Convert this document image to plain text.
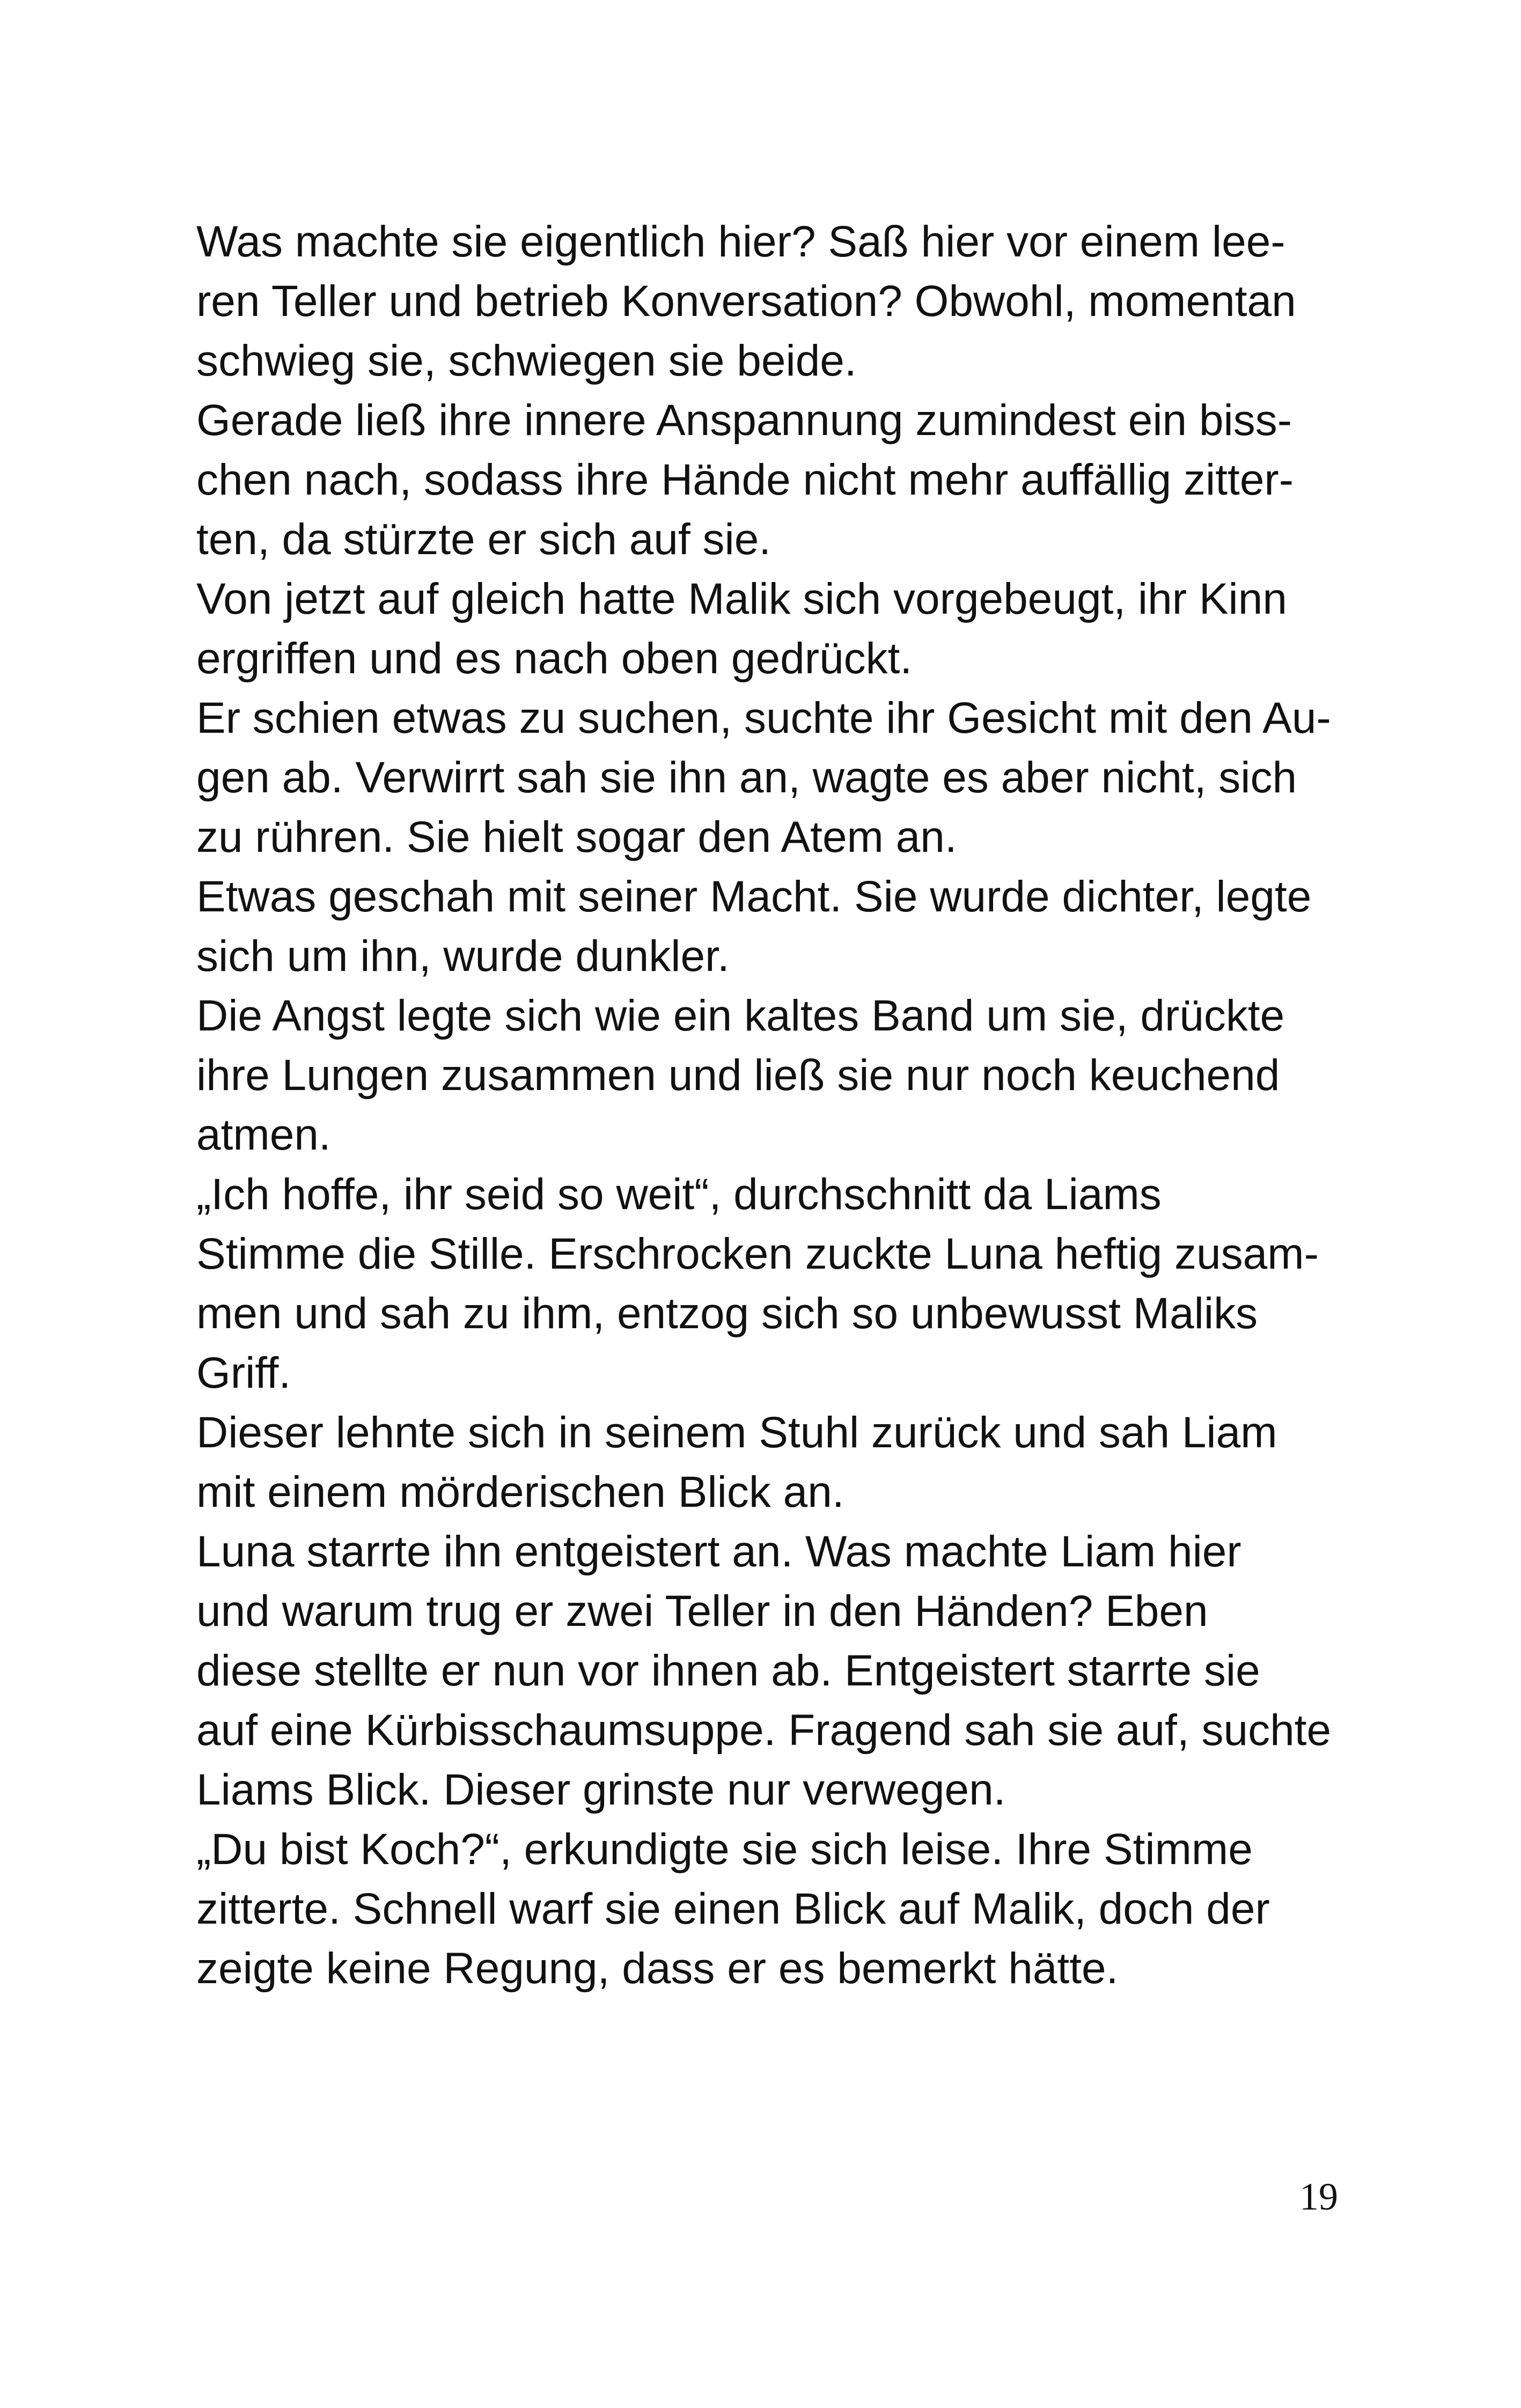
Was machte sie eigentlich hier? Saß hier vor einem lee-
ren Teller und betrieb Konversation? Obwohl, momentan
schwieg sie, schwiegen sie beide.
Gerade ließ ihre innere Anspannung zumindest ein biss-
chen nach, sodass ihre Hände nicht mehr auffällig zitter-
ten, da stürzte er sich auf sie.
Von jetzt auf gleich hatte Malik sich vorgebeugt, ihr Kinn
ergriffen und es nach oben gedrückt.
Er schien etwas zu suchen, suchte ihr Gesicht mit den Au-
gen ab. Verwirrt sah sie ihn an, wagte es aber nicht, sich
zu rühren. Sie hielt sogar den Atem an.
Etwas geschah mit seiner Macht. Sie wurde dichter, legte
sich um ihn, wurde dunkler.
Die Angst legte sich wie ein kaltes Band um sie, drückte
ihre Lungen zusammen und ließ sie nur noch keuchend
atmen.
„Ich hoffe, ihr seid so weit“, durchschnitt da Liams
Stimme die Stille. Erschrocken zuckte Luna heftig zusam-
men und sah zu ihm, entzog sich so unbewusst Maliks
Griff.
Dieser lehnte sich in seinem Stuhl zurück und sah Liam
mit einem mörderischen Blick an.
Luna starrte ihn entgeistert an. Was machte Liam hier
und warum trug er zwei Teller in den Händen? Eben
diese stellte er nun vor ihnen ab. Entgeistert starrte sie
auf eine Kürbisschaumsuppe. Fragend sah sie auf, suchte
Liams Blick. Dieser grinste nur verwegen.
„Du bist Koch?“, erkundigte sie sich leise. Ihre Stimme
zitterte. Schnell warf sie einen Blick auf Malik, doch der
zeigte keine Regung, dass er es bemerkt hätte.
19
